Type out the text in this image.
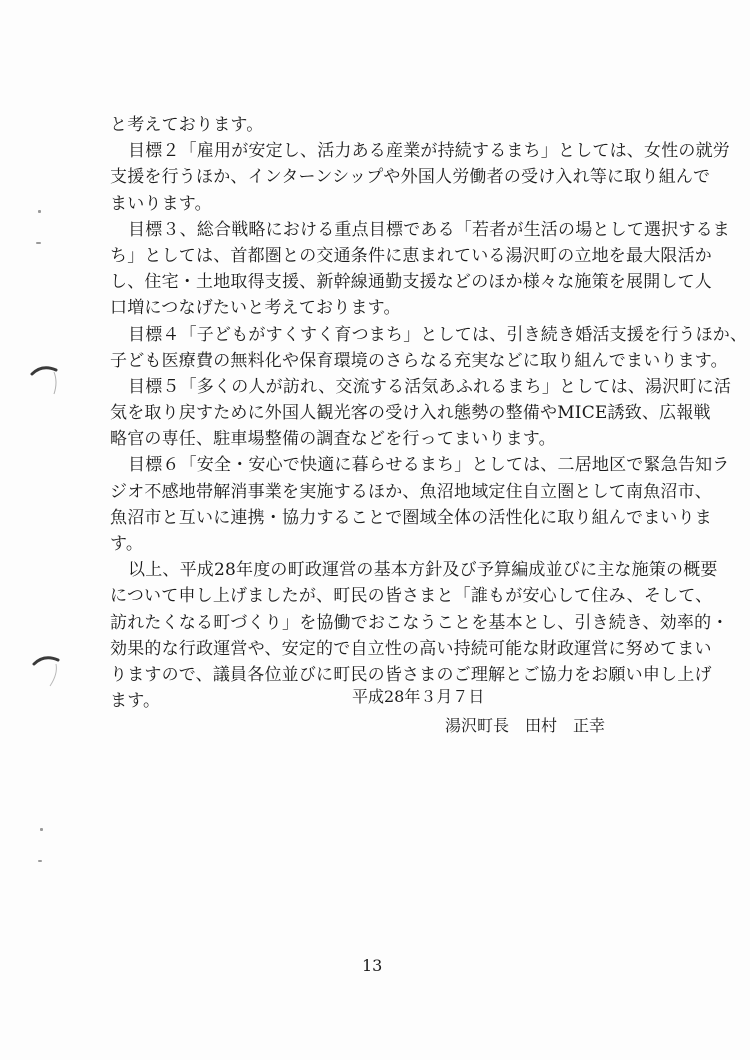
と考えております。
目標２「雇用が安定し、活力ある産業が持続するまち」としては、女性の就労
支援を行うほか、インターンシップや外国人労働者の受け入れ等に取り組んで
まいります。
目標３、総合戦略における重点目標である「若者が生活の場として選択するま
ち」としては、首都圏との交通条件に恵まれている湯沢町の立地を最大限活か
し、住宅・土地取得支援、新幹線通勤支援などのほか様々な施策を展開して人
口増につなげたいと考えております。
目標４「子どもがすくすく育つまち」としては、引き続き婚活支援を行うほか、
子ども医療費の無料化や保育環境のさらなる充実などに取り組んでまいります。
目標５「多くの人が訪れ、交流する活気あふれるまち」としては、湯沢町に活
気を取り戻すために外国人観光客の受け入れ態勢の整備やMICE誘致、広報戦
略官の専任、駐車場整備の調査などを行ってまいります。
目標６「安全・安心で快適に暮らせるまち」としては、二居地区で緊急告知ラ
ジオ不感地帯解消事業を実施するほか、魚沼地域定住自立圏として南魚沼市、
魚沼市と互いに連携・協力することで圏域全体の活性化に取り組んでまいりま
す。
以上、平成28年度の町政運営の基本方針及び予算編成並びに主な施策の概要
について申し上げましたが、町民の皆さまと「誰もが安心して住み、そして、
訪れたくなる町づくり」を協働でおこなうことを基本とし、引き続き、効率的・
効果的な行政運営や、安定的で自立性の高い持続可能な財政運営に努めてまい
りますので、議員各位並びに町民の皆さまのご理解とご協力をお願い申し上げ
ます。	平成28年３月７日
湯沢町長　田村　正幸
13
